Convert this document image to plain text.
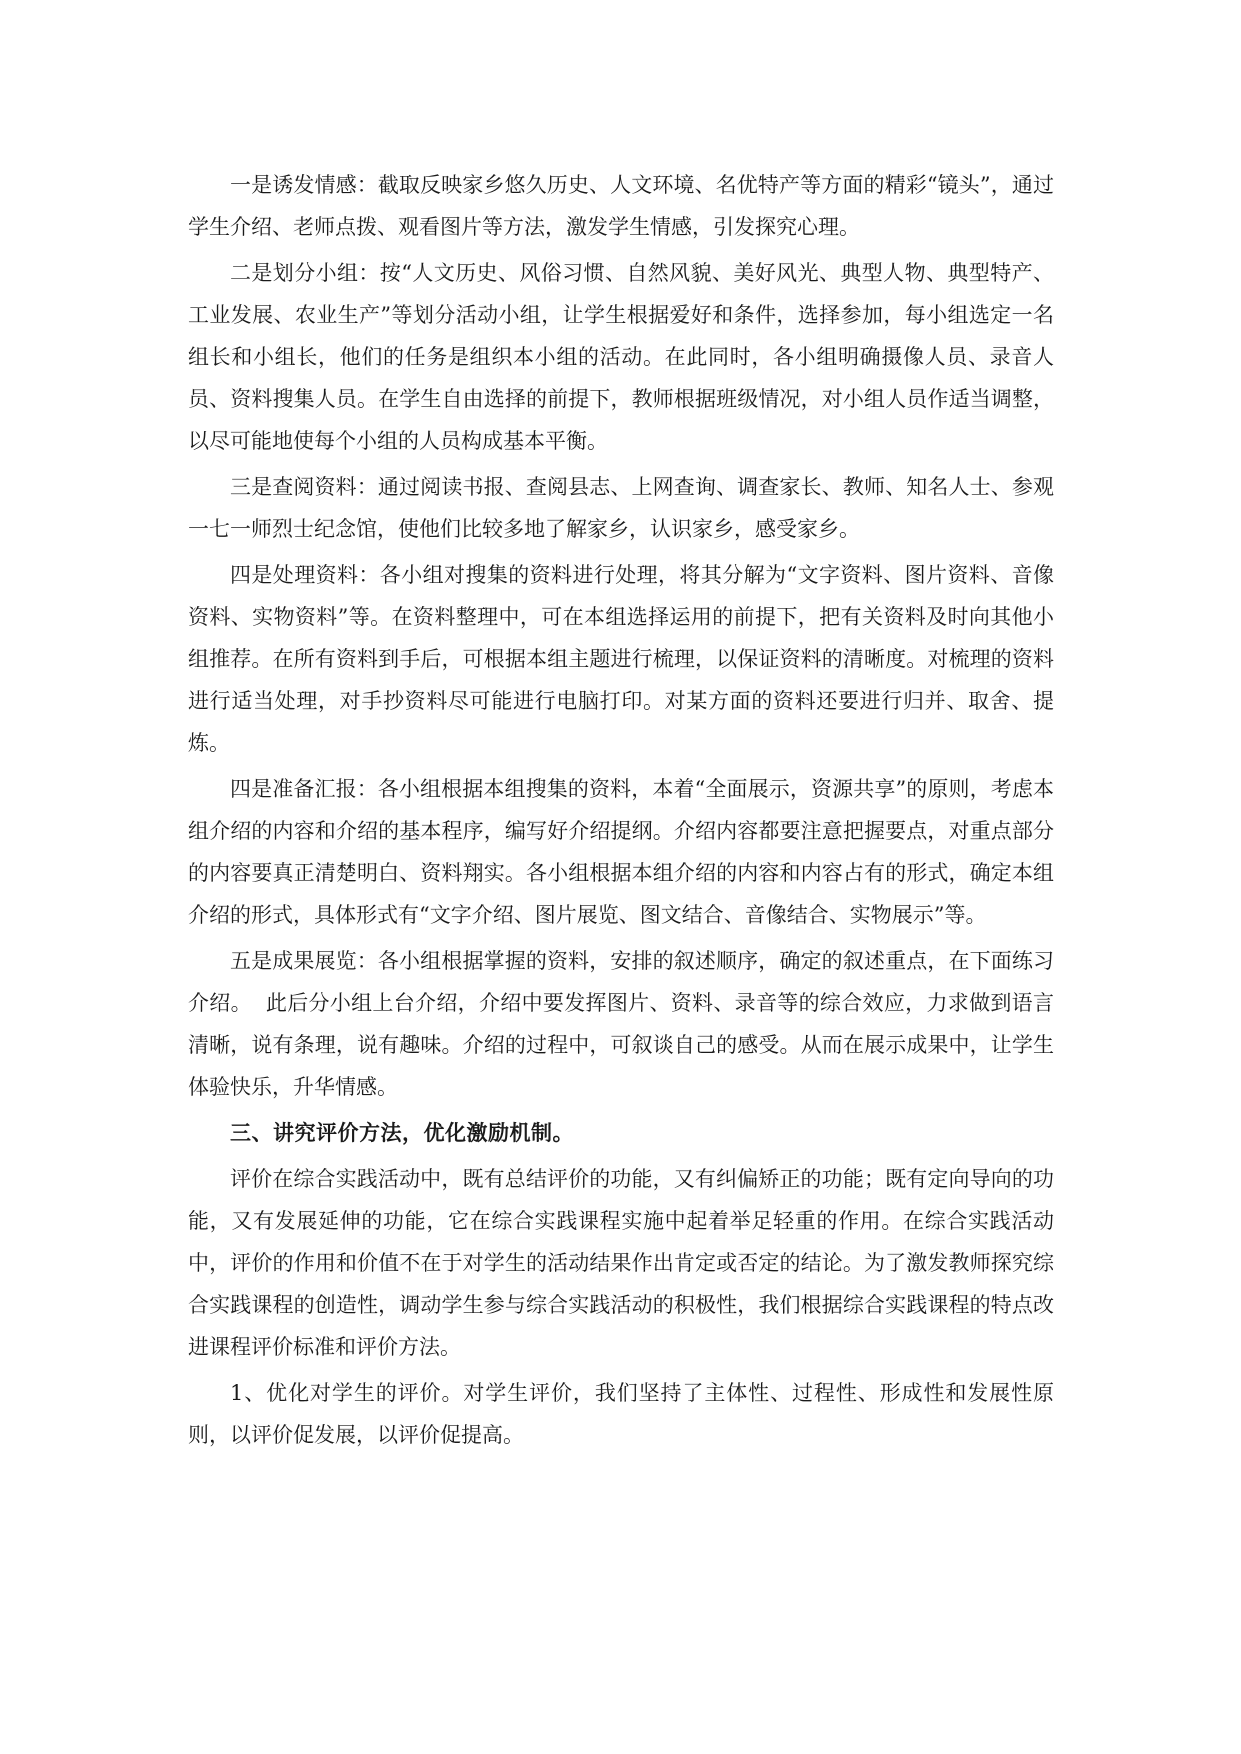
一是诱发情感：截取反映家乡悠久历史、人文环境、名优特产等方面的精彩“镜头”，通过学生介绍、老师点拨、观看图片等方法，激发学生情感，引发探究心理。

二是划分小组：按“人文历史、风俗习惯、自然风貌、美好风光、典型人物、典型特产、工业发展、农业生产”等划分活动小组，让学生根据爱好和条件，选择参加，每小组选定一名组长和小组长，他们的任务是组织本小组的活动。在此同时，各小组明确摄像人员、录音人员、资料搜集人员。在学生自由选择的前提下，教师根据班级情况，对小组人员作适当调整，以尽可能地使每个小组的人员构成基本平衡。

三是查阅资料：通过阅读书报、查阅县志、上网查询、调查家长、教师、知名人士、参观一七一师烈士纪念馆，使他们比较多地了解家乡，认识家乡，感受家乡。

四是处理资料：各小组对搜集的资料进行处理，将其分解为“文字资料、图片资料、音像资料、实物资料”等。在资料整理中，可在本组选择运用的前提下，把有关资料及时向其他小组推荐。在所有资料到手后，可根据本组主题进行梳理，以保证资料的清晰度。对梳理的资料进行适当处理，对手抄资料尽可能进行电脑打印。对某方面的资料还要进行归并、取舍、提炼。

四是准备汇报：各小组根据本组搜集的资料，本着“全面展示，资源共享”的原则，考虑本组介绍的内容和介绍的基本程序，编写好介绍提纲。介绍内容都要注意把握要点，对重点部分的内容要真正清楚明白、资料翔实。各小组根据本组介绍的内容和内容占有的形式，确定本组介绍的形式，具体形式有“文字介绍、图片展览、图文结合、音像结合、实物展示”等。

五是成果展览：各小组根据掌握的资料，安排的叙述顺序，确定的叙述重点，在下面练习介绍。  此后分小组上台介绍，介绍中要发挥图片、资料、录音等的综合效应，力求做到语言清晰，说有条理，说有趣味。介绍的过程中，可叙谈自己的感受。从而在展示成果中，让学生体验快乐，升华情感。

三、讲究评价方法，优化激励机制。

评价在综合实践活动中，既有总结评价的功能，又有纠偏矫正的功能；既有定向导向的功能，又有发展延伸的功能，它在综合实践课程实施中起着举足轻重的作用。在综合实践活动中，评价的作用和价值不在于对学生的活动结果作出肯定或否定的结论。为了激发教师探究综合实践课程的创造性，调动学生参与综合实践活动的积极性，我们根据综合实践课程的特点改进课程评价标准和评价方法。

1、优化对学生的评价。对学生评价，我们坚持了主体性、过程性、形成性和发展性原则，以评价促发展，以评价促提高。
